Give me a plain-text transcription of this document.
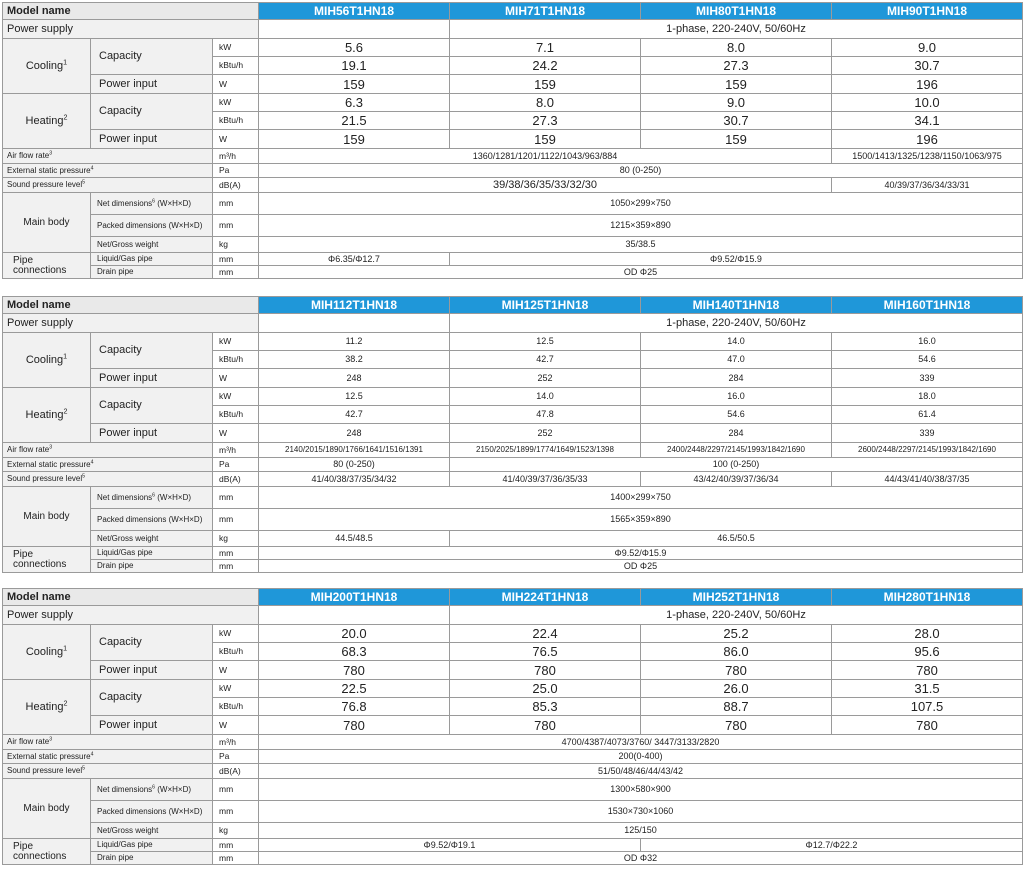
Model name			MIH56T1HN18	MIH71T1HN18	MIH80T1HN18	MIH90T1HN18
Power supply				1-phase, 220-240V, 50/60Hz		
Cooling$^1$	Capacity	kW	5.6	7.1	8.0	9.0
		kBtu/h	19.1	24.2	27.3	30.7
	Power input	W	159	159	159	196
Heating$^2$	Capacity	kW	6.3	8.0	9.0	10.0
		kBtu/h	21.5	27.3	30.7	34.1
	Power input	W	159	159	159	196
Air flow rate$^3$		m³/h	1360/1281/1201/1122/1043/963/884			1500/1413/1325/1238/1150/1063/975
External static pressure$^4$		Pa	80 (0-250)			
Sound pressure level$^5$		dB(A)	39/38/36/35/33/32/30			40/39/37/36/34/33/31
Main body	Net dimensions$^6$ (W×H×D)	mm	1050×299×750			
	Packed dimensions (W×H×D)	mm	1215×359×890			
	Net/Gross weight	kg	35/38.5			
Pipe
connections	Liquid/Gas pipe	mm	Φ6.35/Φ12.7	Φ9.52/Φ15.9		
	Drain pipe	mm	OD Φ25			
Model name			MIH112T1HN18	MIH125T1HN18	MIH140T1HN18	MIH160T1HN18
Power supply				1-phase, 220-240V, 50/60Hz		
Cooling$^1$	Capacity	kW	11.2	12.5	14.0	16.0
		kBtu/h	38.2	42.7	47.0	54.6
	Power input	W	248	252	284	339
Heating$^2$	Capacity	kW	12.5	14.0	16.0	18.0
		kBtu/h	42.7	47.8	54.6	61.4
	Power input	W	248	252	284	339
Air flow rate$^3$		m³/h	2140/2015/1890/1766/1641/1516/1391	2150/2025/1899/1774/1649/1523/1398	2400/2448/2297/2145/1993/1842/1690	2600/2448/2297/2145/1993/1842/1690
External static pressure$^4$		Pa	80 (0-250)	100 (0-250)		
Sound pressure level$^5$		dB(A)	41/40/38/37/35/34/32	41/40/39/37/36/35/33	43/42/40/39/37/36/34	44/43/41/40/38/37/35
Main body	Net dimensions$^6$ (W×H×D)	mm	1400×299×750			
	Packed dimensions (W×H×D)	mm	1565×359×890			
	Net/Gross weight	kg	44.5/48.5	46.5/50.5		
Pipe
connections	Liquid/Gas pipe	mm	Φ9.52/Φ15.9			
	Drain pipe	mm	OD Φ25			
Model name			MIH200T1HN18	MIH224T1HN18	MIH252T1HN18	MIH280T1HN18
Power supply				1-phase, 220-240V, 50/60Hz		
Cooling$^1$	Capacity	kW	20.0	22.4	25.2	28.0
		kBtu/h	68.3	76.5	86.0	95.6
	Power input	W	780	780	780	780
Heating$^2$	Capacity	kW	22.5	25.0	26.0	31.5
		kBtu/h	76.8	85.3	88.7	107.5
	Power input	W	780	780	780	780
Air flow rate$^3$		m³/h	4700/4387/4073/3760/ 3447/3133/2820			
External static pressure$^4$		Pa	200(0-400)			
Sound pressure level$^5$		dB(A)	51/50/48/46/44/43/42			
Main body	Net dimensions$^6$ (W×H×D)	mm	1300×580×900			
	Packed dimensions (W×H×D)	mm	1530×730×1060			
	Net/Gross weight	kg	125/150			
Pipe
connections	Liquid/Gas pipe	mm	Φ9.52/Φ19.1		Φ12.7/Φ22.2	
	Drain pipe	mm	OD Φ32			
